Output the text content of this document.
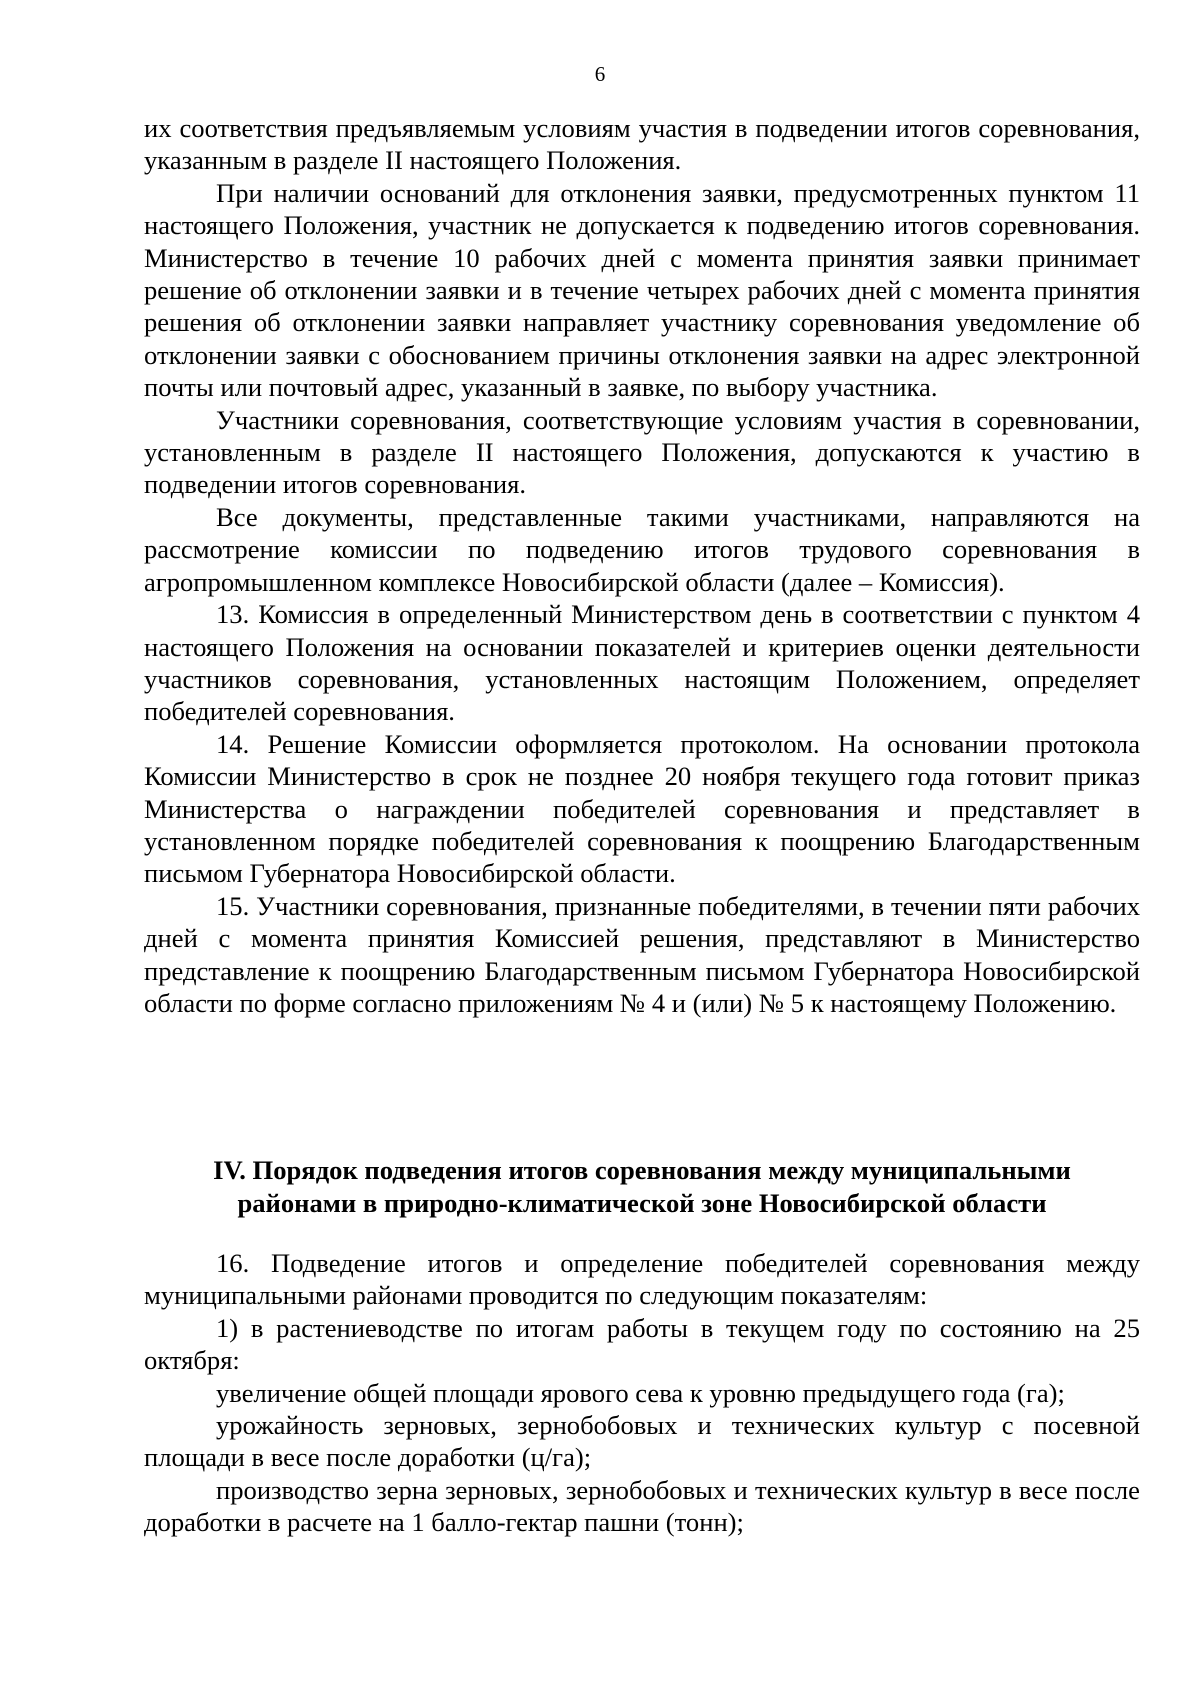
6

их соответствия предъявляемым условиям участия в подведении итогов соревнования, указанным в разделе II настоящего Положения.

При наличии оснований для отклонения заявки, предусмотренных пунктом 11 настоящего Положения, участник не допускается к подведению итогов соревнования. Министерство в течение 10 рабочих дней с момента принятия заявки принимает решение об отклонении заявки и в течение четырех рабочих дней с момента принятия решения об отклонении заявки направляет участнику соревнования уведомление об отклонении заявки с обоснованием причины отклонения заявки на адрес электронной почты или почтовый адрес, указанный в заявке, по выбору участника.

Участники соревнования, соответствующие условиям участия в соревновании, установленным в разделе II настоящего Положения, допускаются к участию в подведении итогов соревнования.

Все документы, представленные такими участниками, направляются на рассмотрение комиссии по подведению итогов трудового соревнования в агропромышленном комплексе Новосибирской области (далее – Комиссия).

13. Комиссия в определенный Министерством день в соответствии с пунктом 4 настоящего Положения на основании показателей и критериев оценки деятельности участников соревнования, установленных настоящим Положением, определяет победителей соревнования.

14. Решение Комиссии оформляется протоколом. На основании протокола Комиссии Министерство в срок не позднее 20 ноября текущего года готовит приказ Министерства о награждении победителей соревнования и представляет в установленном порядке победителей соревнования к поощрению Благодарственным письмом Губернатора Новосибирской области.

15. Участники соревнования, признанные победителями, в течении пяти рабочих дней с момента принятия Комиссией решения, представляют в Министерство представление к поощрению Благодарственным письмом Губернатора Новосибирской области по форме согласно приложениям № 4 и (или) № 5 к настоящему Положению.

IV. Порядок подведения итогов соревнования между муниципальными
районами в природно-климатической зоне Новосибирской области

16. Подведение итогов и определение победителей соревнования между муниципальными районами проводится по следующим показателям:

1) в растениеводстве по итогам работы в текущем году по состоянию на 25 октября:

увеличение общей площади ярового сева к уровню предыдущего года (га);

урожайность зерновых, зернобобовых и технических культур с посевной площади в весе после доработки (ц/га);

производство зерна зерновых, зернобобовых и технических культур в весе после доработки в расчете на 1 балло-гектар пашни (тонн);
